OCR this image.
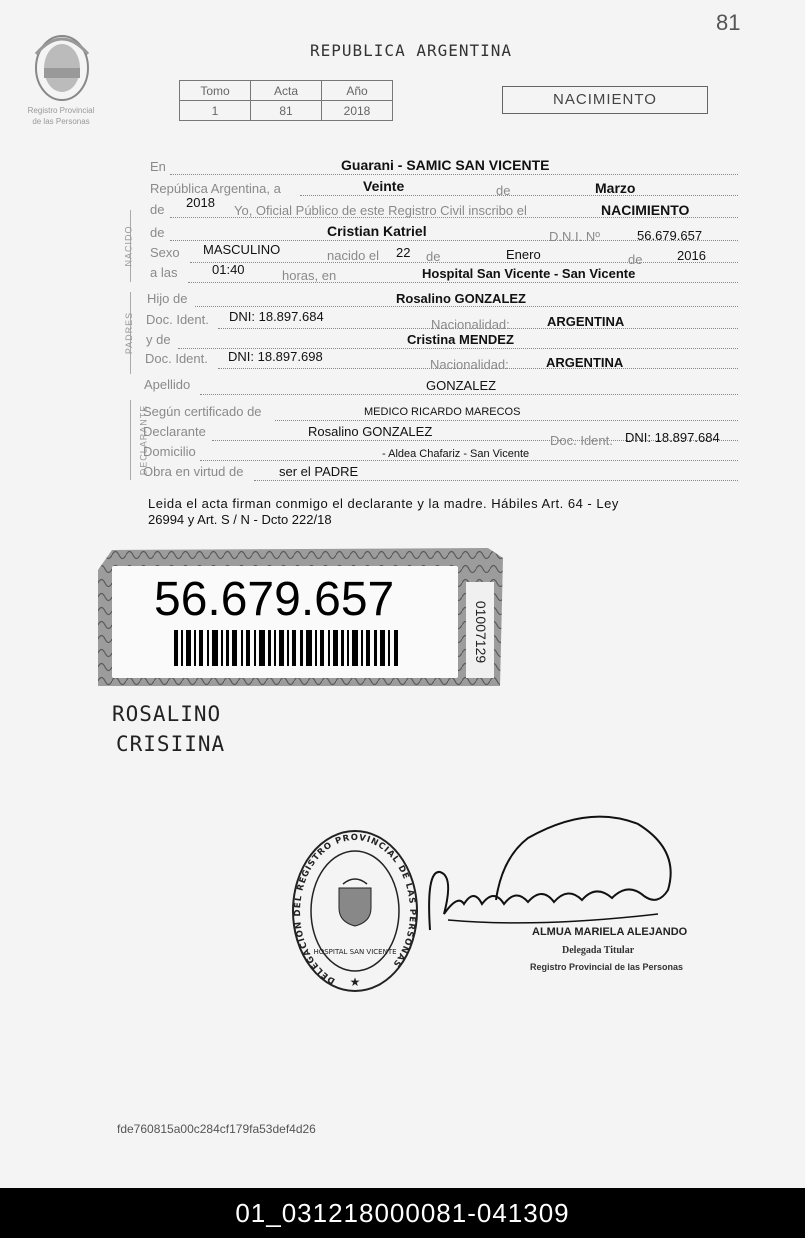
81
Registro Provincial
de las Personas
REPUBLICA ARGENTINA
Tomo	Acta	Año
1	81	2018
NACIMIENTO
NACIDO
PADRES
DECLARANTE
En	Guarani - SAMIC SAN VICENTE
República Argentina, a	Veinte	de	Marzo
de 2018
Yo, Oficial Público de este Registro Civil inscribo el	NACIMIENTO
de	Cristian Katriel	D.N.I. Nº	56.679.657
Sexo MASCULINO	nacido el 22 de	Enero	de	2016
a las	01:40	horas, en	Hospital San Vicente - San Vicente
Hijo de	Rosalino GONZALEZ
Doc. Ident. DNI: 18.897.684
Nacionalidad:	ARGENTINA
y de	Cristina MENDEZ
Doc. Ident. DNI: 18.897.698
Nacionalidad:	ARGENTINA
Apellido	GONZALEZ
Según certificado de	MEDICO RICARDO MARECOS
Declarante	Rosalino GONZALEZ
Doc. Ident. DNI: 18.897.684
Domicilio	- Aldea Chafariz - San Vicente
Obra en virtud de	ser el PADRE
Leida el acta firman conmigo el declarante y la madre. Hábiles Art. 64 - Ley
26994 y Art. S / N - Dcto 222/18
56.679.657
01007129
ROSALINO
CRISIINA
DELEGACION DEL REGISTRO PROVINCIAL DE LAS PERSONAS
HOSPITAL SAN VICENTE
★
ALMUA MARIELA ALEJANDO
Delegada Titular
Registro Provincial de las Personas
fde760815a00c284cf179fa53def4d26
01_031218000081-041309
